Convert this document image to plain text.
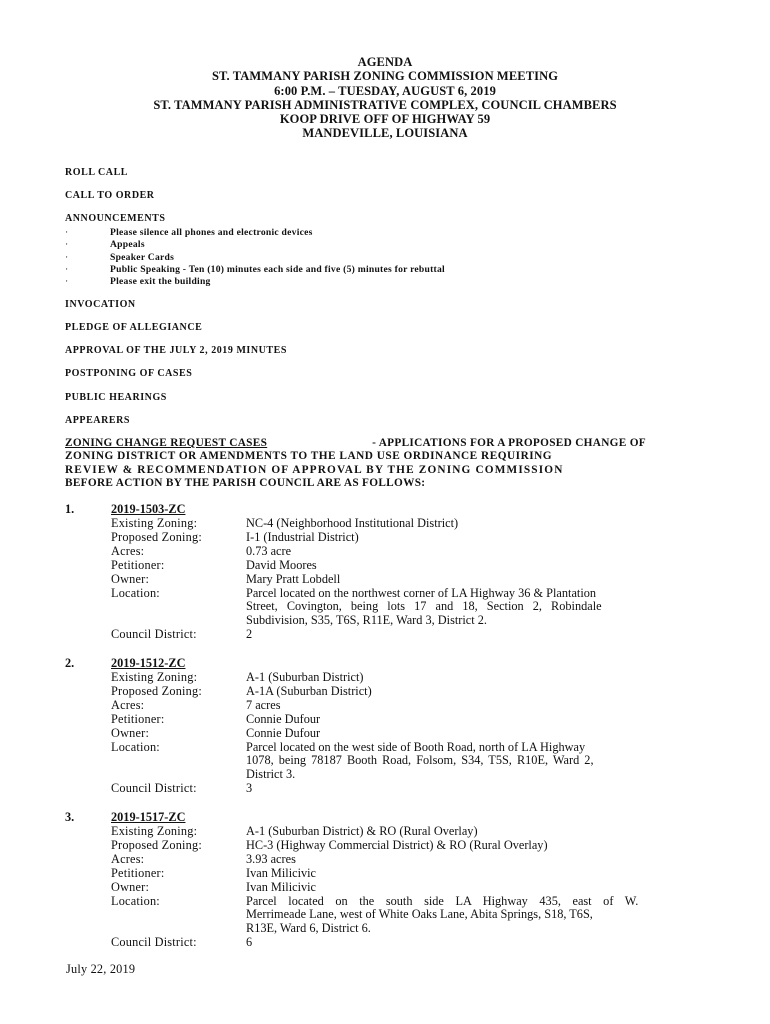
AGENDA
ST. TAMMANY PARISH ZONING COMMISSION MEETING
6:00 P.M. – TUESDAY, AUGUST 6, 2019
ST. TAMMANY PARISH ADMINISTRATIVE COMPLEX, COUNCIL CHAMBERS
KOOP DRIVE OFF OF HIGHWAY 59
MANDEVILLE, LOUISIANA
ROLL CALL
CALL TO ORDER
ANNOUNCEMENTS
·	Please silence all phones and electronic devices
·	Appeals
·	Speaker Cards
·	Public Speaking - Ten (10) minutes each side and five (5) minutes for rebuttal
·	Please exit the building
INVOCATION
PLEDGE OF ALLEGIANCE
APPROVAL OF THE JULY 2, 2019 MINUTES
POSTPONING OF CASES
PUBLIC HEARINGS
APPEARERS
ZONING CHANGE REQUEST CASES	- APPLICATIONS FOR A PROPOSED CHANGE OF
ZONING DISTRICT OR AMENDMENTS TO THE LAND USE ORDINANCE REQUIRING
REVIEW & RECOMMENDATION OF APPROVAL BY THE ZONING COMMISSION
BEFORE ACTION BY THE PARISH COUNCIL ARE AS FOLLOWS:
1.	2019-1503-ZC
Existing Zoning:	NC-4 (Neighborhood Institutional District)
Proposed Zoning:	I-1 (Industrial District)
Acres:	0.73 acre
Petitioner:	David Moores
Owner:	Mary Pratt Lobdell
Location:	Parcel located on the northwest corner of LA Highway 36 & Plantation
Street, Covington, being lots 17 and 18, Section 2, Robindale
Subdivision, S35, T6S, R11E, Ward 3, District 2.
Council District:	2
2.	2019-1512-ZC
Existing Zoning:	A-1 (Suburban District)
Proposed Zoning:	A-1A (Suburban District)
Acres:	7 acres
Petitioner:	Connie Dufour
Owner:	Connie Dufour
Location:	Parcel located on the west side of Booth Road, north of LA Highway
1078, being 78187 Booth Road, Folsom, S34, T5S, R10E, Ward 2,
District 3.
Council District:	3
3.	2019-1517-ZC
Existing Zoning:	A-1 (Suburban District) & RO (Rural Overlay)
Proposed Zoning:	HC-3 (Highway Commercial District) & RO (Rural Overlay)
Acres:	3.93 acres
Petitioner:	Ivan Milicivic
Owner:	Ivan Milicivic
Location:	Parcel located on the south side LA Highway 435, east of W.
Merrimeade Lane, west of White Oaks Lane, Abita Springs, S18, T6S,
R13E, Ward 6, District 6.
Council District:	6
July 22, 2019
